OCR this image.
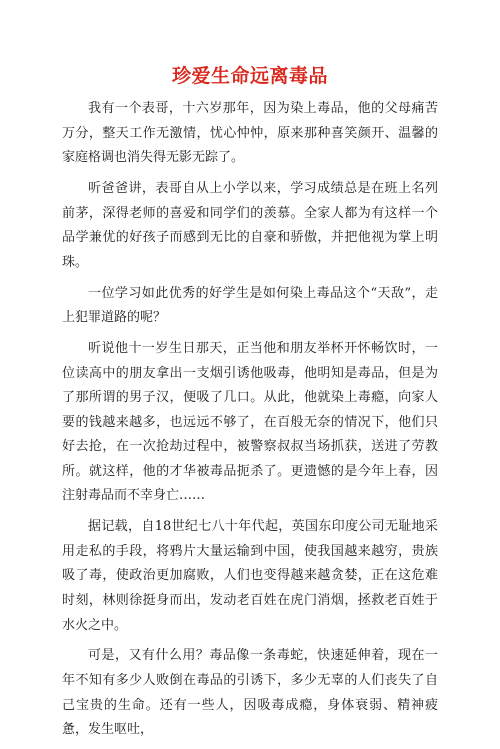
珍爱生命远离毒品

我有一个表哥，十六岁那年，因为染上毒品，他的父母痛苦万分，整天工作无激情，忧心忡忡，原来那种喜笑颜开、温馨的家庭格调也消失得无影无踪了。

听爸爸讲，表哥自从上小学以来，学习成绩总是在班上名列前茅，深得老师的喜爱和同学们的羡慕。全家人都为有这样一个品学兼优的好孩子而感到无比的自豪和骄傲，并把他视为掌上明珠。

一位学习如此优秀的好学生是如何染上毒品这个“天敌”，走上犯罪道路的呢？

听说他十一岁生日那天，正当他和朋友举杯开怀畅饮时，一位读高中的朋友拿出一支烟引诱他吸毒，他明知是毒品，但是为了那所谓的男子汉，便吸了几口。从此，他就染上毒瘾，向家人要的钱越来越多，也远远不够了，在百般无奈的情况下，他们只好去抢，在一次抢劫过程中，被警察叔叔当场抓获，送进了劳教所。就这样，他的才华被毒品扼杀了。更遗憾的是今年上春，因注射毒品而不幸身亡……

据记载，自18世纪七八十年代起，英国东印度公司无耻地采用走私的手段，将鸦片大量运输到中国，使我国越来越穷，贵族吸了毒，使政治更加腐败，人们也变得越来越贪婪，正在这危难时刻，林则徐挺身而出，发动老百姓在虎门消烟，拯救老百姓于水火之中。

可是，又有什么用？毒品像一条毒蛇，快速延伸着，现在一年不知有多少人败倒在毒品的引诱下，多少无辜的人们丧失了自己宝贵的生命。还有一些人，因吸毒成瘾，身体衰弱、精神疲惫，发生呕吐，
